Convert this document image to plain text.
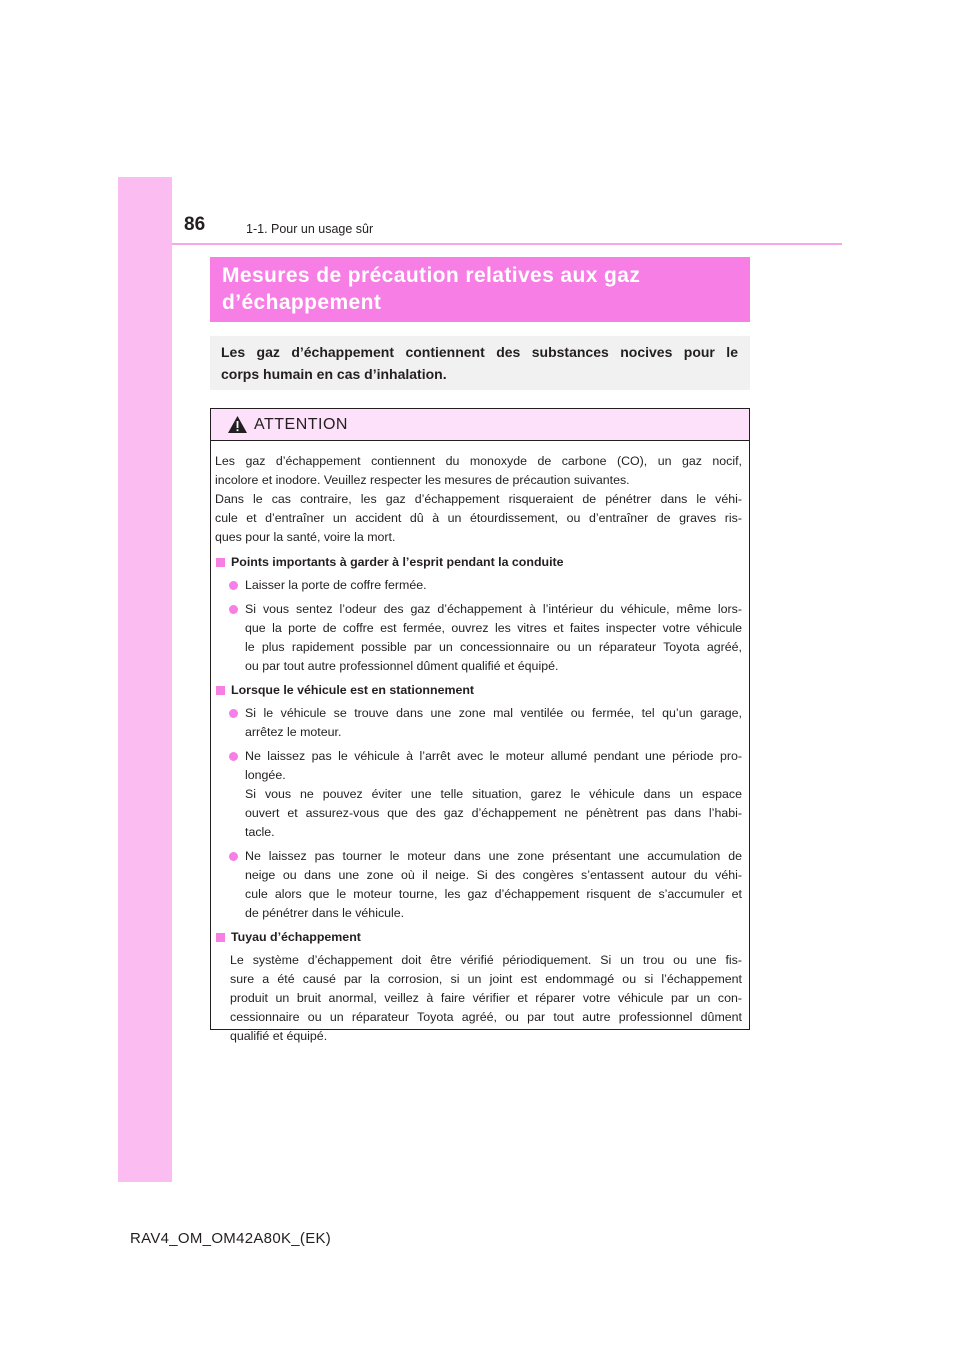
86	1-1. Pour un usage sûr

Mesures de précaution relatives aux gaz
d’échappement

Les gaz d’échappement contiennent des substances nocives pour le
corps humain en cas d’inhalation.

ATTENTION
Les gaz d’échappement contiennent du monoxyde de carbone (CO), un gaz nocif,
incolore et inodore. Veuillez respecter les mesures de précaution suivantes.
Dans le cas contraire, les gaz d’échappement risqueraient de pénétrer dans le véhi-
cule et d’entraîner un accident dû à un étourdissement, ou d’entraîner de graves ris-
ques pour la santé, voire la mort.
Points importants à garder à l’esprit pendant la conduite
Laisser la porte de coffre fermée.
Si vous sentez l’odeur des gaz d’échappement à l’intérieur du véhicule, même lors-
que la porte de coffre est fermée, ouvrez les vitres et faites inspecter votre véhicule
le plus rapidement possible par un concessionnaire ou un réparateur Toyota agréé,
ou par tout autre professionnel dûment qualifié et équipé.
Lorsque le véhicule est en stationnement
Si le véhicule se trouve dans une zone mal ventilée ou fermée, tel qu’un garage,
arrêtez le moteur.
Ne laissez pas le véhicule à l’arrêt avec le moteur allumé pendant une période pro-
longée.
Si vous ne pouvez éviter une telle situation, garez le véhicule dans un espace
ouvert et assurez-vous que des gaz d’échappement ne pénètrent pas dans l’habi-
tacle.
Ne laissez pas tourner le moteur dans une zone présentant une accumulation de
neige ou dans une zone où il neige. Si des congères s’entassent autour du véhi-
cule alors que le moteur tourne, les gaz d’échappement risquent de s’accumuler et
de pénétrer dans le véhicule.
Tuyau d’échappement
Le système d’échappement doit être vérifié périodiquement. Si un trou ou une fis-
sure a été causé par la corrosion, si un joint est endommagé ou si l’échappement
produit un bruit anormal, veillez à faire vérifier et réparer votre véhicule par un con-
cessionnaire ou un réparateur Toyota agréé, ou par tout autre professionnel dûment
qualifié et équipé.
RAV4_OM_OM42A80K_(EK)
